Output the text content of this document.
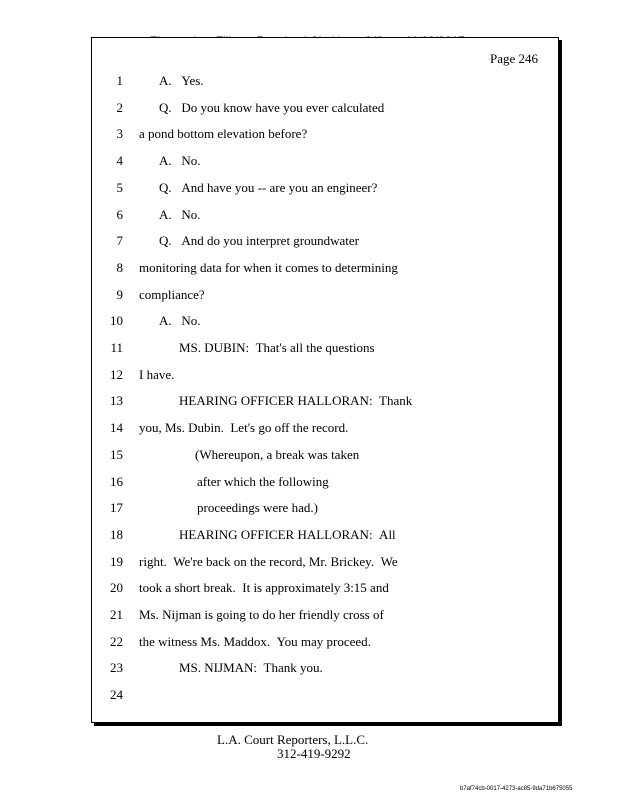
Page 246
1	A.   Yes.
2	Q.   Do you know have you ever calculated
3 a pond bottom elevation before?
4	A.   No.
5	Q.   And have you -- are you an engineer?
6	A.   No.
7	Q.   And do you interpret groundwater
8 monitoring data for when it comes to determining
9 compliance?
10	A.   No.
11	MS. DUBIN:  That's all the questions
12 I have.
13	HEARING OFFICER HALLORAN:  Thank
14 you, Ms. Dubin.  Let's go off the record.
15	(Whereupon, a break was taken
16	after which the following
17	proceedings were had.)
18	HEARING OFFICER HALLORAN:  All
19 right.  We're back on the record, Mr. Brickey.  We
20 took a short break.  It is approximately 3:15 and
21 Ms. Nijman is going to do her friendly cross of
22 the witness Ms. Maddox.  You may proceed.
23	MS. NIJMAN:  Thank you.
24
L.A. Court Reporters, L.L.C.
312-419-9292
b7af74cb-0017-4273-ac85-9da71b675055
